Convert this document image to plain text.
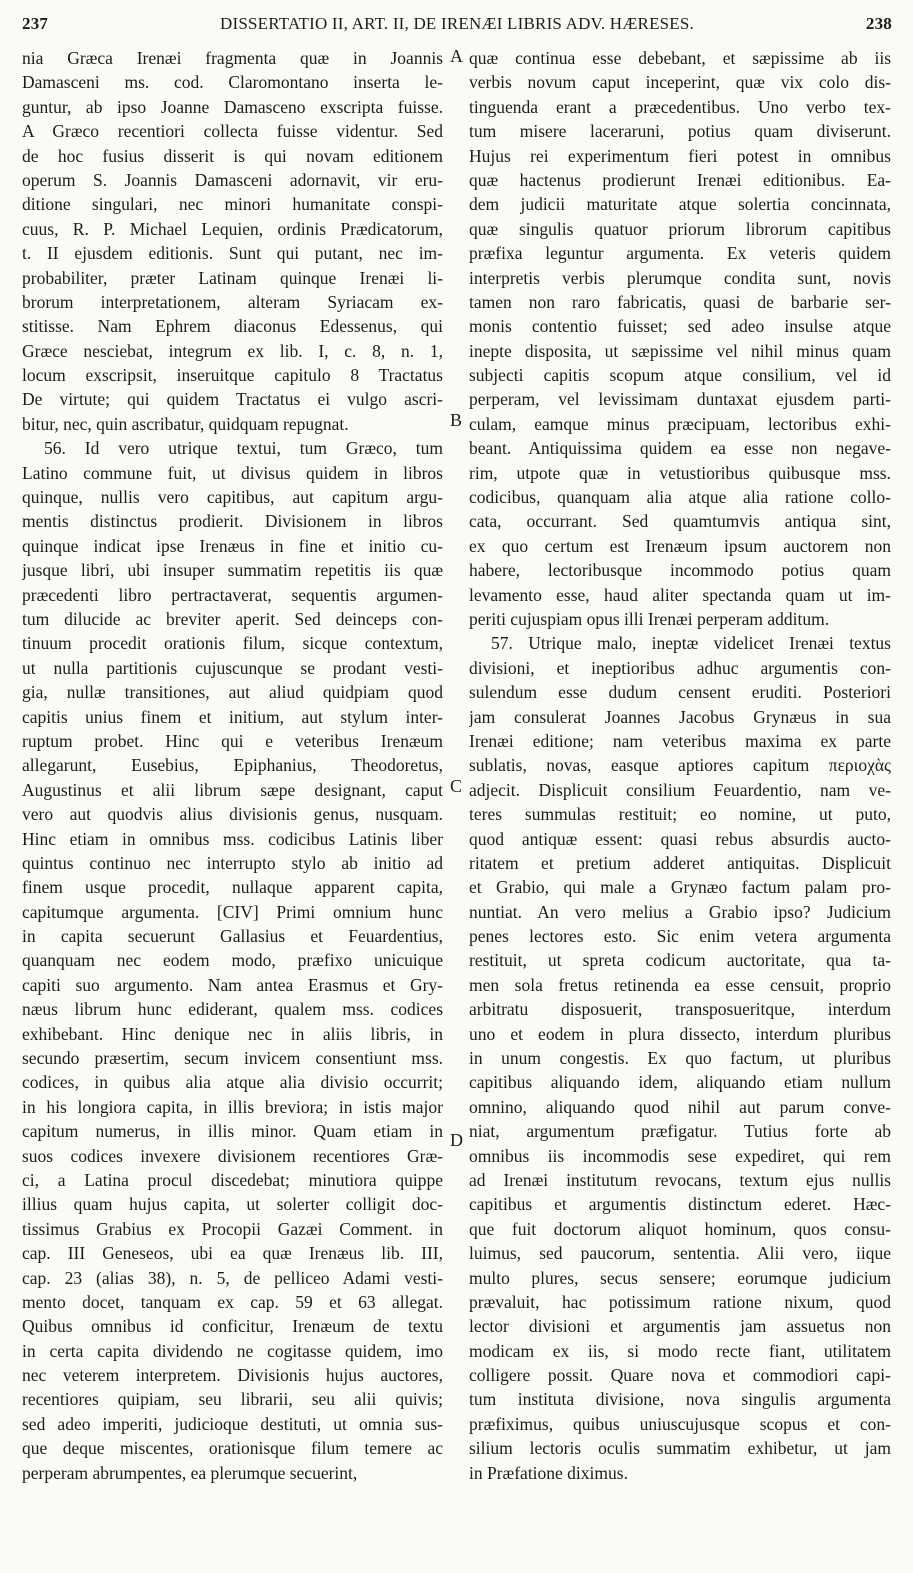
237	DISSERTATIO II, ART. II, DE IRENÆI LIBRIS ADV. HÆRESES.	238
nia Græca Irenæi fragmenta quæ in Joannis
Damasceni ms. cod. Claromontano inserta le-
guntur, ab ipso Joanne Damasceno exscripta fuisse.
A Græco recentiori collecta fuisse videntur. Sed
de hoc fusius disserit is qui novam editionem
operum S. Joannis Damasceni adornavit, vir eru-
ditione singulari, nec minori humanitate conspi-
cuus, R. P. Michael Lequien, ordinis Prædicatorum,
t. II ejusdem editionis. Sunt qui putant, nec im-
probabiliter, præter Latinam quinque Irenæi li-
brorum interpretationem, alteram Syriacam ex-
stitisse. Nam Ephrem diaconus Edessenus, qui
Græce nesciebat, integrum ex lib. I, c. 8, n. 1,
locum exscripsit, inseruitque capitulo 8 Tractatus
De virtute; qui quidem Tractatus ei vulgo ascri-
bitur, nec, quin ascribatur, quidquam repugnat.
56. Id vero utrique textui, tum Græco, tum
Latino commune fuit, ut divisus quidem in libros
quinque, nullis vero capitibus, aut capitum argu-
mentis distinctus prodierit. Divisionem in libros
quinque indicat ipse Irenæus in fine et initio cu-
jusque libri, ubi insuper summatim repetitis iis quæ
præcedenti libro pertractaverat, sequentis argumen-
tum dilucide ac breviter aperit. Sed deinceps con-
tinuum procedit orationis filum, sicque contextum,
ut nulla partitionis cujuscunque se prodant vesti-
gia, nullæ transitiones, aut aliud quidpiam quod
capitis unius finem et initium, aut stylum inter-
ruptum probet. Hinc qui e veteribus Irenæum
allegarunt, Eusebius, Epiphanius, Theodoretus,
Augustinus et alii librum sæpe designant, caput
vero aut quodvis alius divisionis genus, nusquam.
Hinc etiam in omnibus mss. codicibus Latinis liber
quintus continuo nec interrupto stylo ab initio ad
finem usque procedit, nullaque apparent capita,
capitumque argumenta. [CIV] Primi omnium hunc
in capita secuerunt Gallasius et Feuardentius,
quanquam nec eodem modo, præfixo unicuique
capiti suo argumento. Nam antea Erasmus et Gry-
næus librum hunc ediderant, qualem mss. codices
exhibebant. Hinc denique nec in aliis libris, in
secundo præsertim, secum invicem consentiunt mss.
codices, in quibus alia atque alia divisio occurrit;
in his longiora capita, in illis breviora; in istis major
capitum numerus, in illis minor. Quam etiam in
suos codices invexere divisionem recentiores Græ-
ci, a Latina procul discedebat; minutiora quippe
illius quam hujus capita, ut solerter colligit doc-
tissimus Grabius ex Procopii Gazæi Comment. in
cap. III Geneseos, ubi ea quæ Irenæus lib. III,
cap. 23 (alias 38), n. 5, de pelliceo Adami vesti-
mento docet, tanquam ex cap. 59 et 63 allegat.
Quibus omnibus id conficitur, Irenæum de textu
in certa capita dividendo ne cogitasse quidem, imo
nec veterem interpretem. Divisionis hujus auctores,
recentiores quipiam, seu librarii, seu alii quivis;
sed adeo imperiti, judicioque destituti, ut omnia sus-
que deque miscentes, orationisque filum temere ac
perperam abrumpentes, ea plerumque secuerint,
quæ continua esse debebant, et sæpissime ab iis
verbis novum caput inceperint, quæ vix colo dis-
tinguenda erant a præcedentibus. Uno verbo tex-
tum misere laceraruni, potius quam diviserunt.
Hujus rei experimentum fieri potest in omnibus
quæ hactenus prodierunt Irenæi editionibus. Ea-
dem judicii maturitate atque solertia concinnata,
quæ singulis quatuor priorum librorum capitibus
præfixa leguntur argumenta. Ex veteris quidem
interpretis verbis plerumque condita sunt, novis
tamen non raro fabricatis, quasi de barbarie ser-
monis contentio fuisset; sed adeo insulse atque
inepte disposita, ut sæpissime vel nihil minus quam
subjecti capitis scopum atque consilium, vel id
perperam, vel levissimam duntaxat ejusdem parti-
culam, eamque minus præcipuam, lectoribus exhi-
beant. Antiquissima quidem ea esse non negave-
rim, utpote quæ in vetustioribus quibusque mss.
codicibus, quanquam alia atque alia ratione collo-
cata, occurrant. Sed quamtumvis antiqua sint,
ex quo certum est Irenæum ipsum auctorem non
habere, lectoribusque incommodo potius quam
levamento esse, haud aliter spectanda quam ut im-
periti cujuspiam opus illi Irenæi perperam additum.
57. Utrique malo, ineptæ videlicet Irenæi textus
divisioni, et ineptioribus adhuc argumentis con-
sulendum esse dudum censent eruditi. Posteriori
jam consulerat Joannes Jacobus Grynæus in sua
Irenæi editione; nam veteribus maxima ex parte
sublatis, novas, easque aptiores capitum περιοχὰς
adjecit. Displicuit consilium Feuardentio, nam ve-
teres summulas restituit; eo nomine, ut puto,
quod antiquæ essent: quasi rebus absurdis aucto-
ritatem et pretium adderet antiquitas. Displicuit
et Grabio, qui male a Grynæo factum palam pro-
nuntiat. An vero melius a Grabio ipso? Judicium
penes lectores esto. Sic enim vetera argumenta
restituit, ut spreta codicum auctoritate, qua ta-
men sola fretus retinenda ea esse censuit, proprio
arbitratu disposuerit, transposueritque, interdum
uno et eodem in plura dissecto, interdum pluribus
in unum congestis. Ex quo factum, ut pluribus
capitibus aliquando idem, aliquando etiam nullum
omnino, aliquando quod nihil aut parum conve-
niat, argumentum præfigatur. Tutius forte ab
omnibus iis incommodis sese expediret, qui rem
ad Irenæi institutum revocans, textum ejus nullis
capitibus et argumentis distinctum ederet. Hæc-
que fuit doctorum aliquot hominum, quos consu-
luimus, sed paucorum, sententia. Alii vero, iique
multo plures, secus sensere; eorumque judicium
prævaluit, hac potissimum ratione nixum, quod
lector divisioni et argumentis jam assuetus non
modicam ex iis, si modo recte fiant, utilitatem
colligere possit. Quare nova et commodiori capi-
tum instituta divisione, nova singulis argumenta
præfiximus, quibus uniuscujusque scopus et con-
silium lectoris oculis summatim exhibetur, ut jam
in Præfatione diximus.
A
B
C
D
